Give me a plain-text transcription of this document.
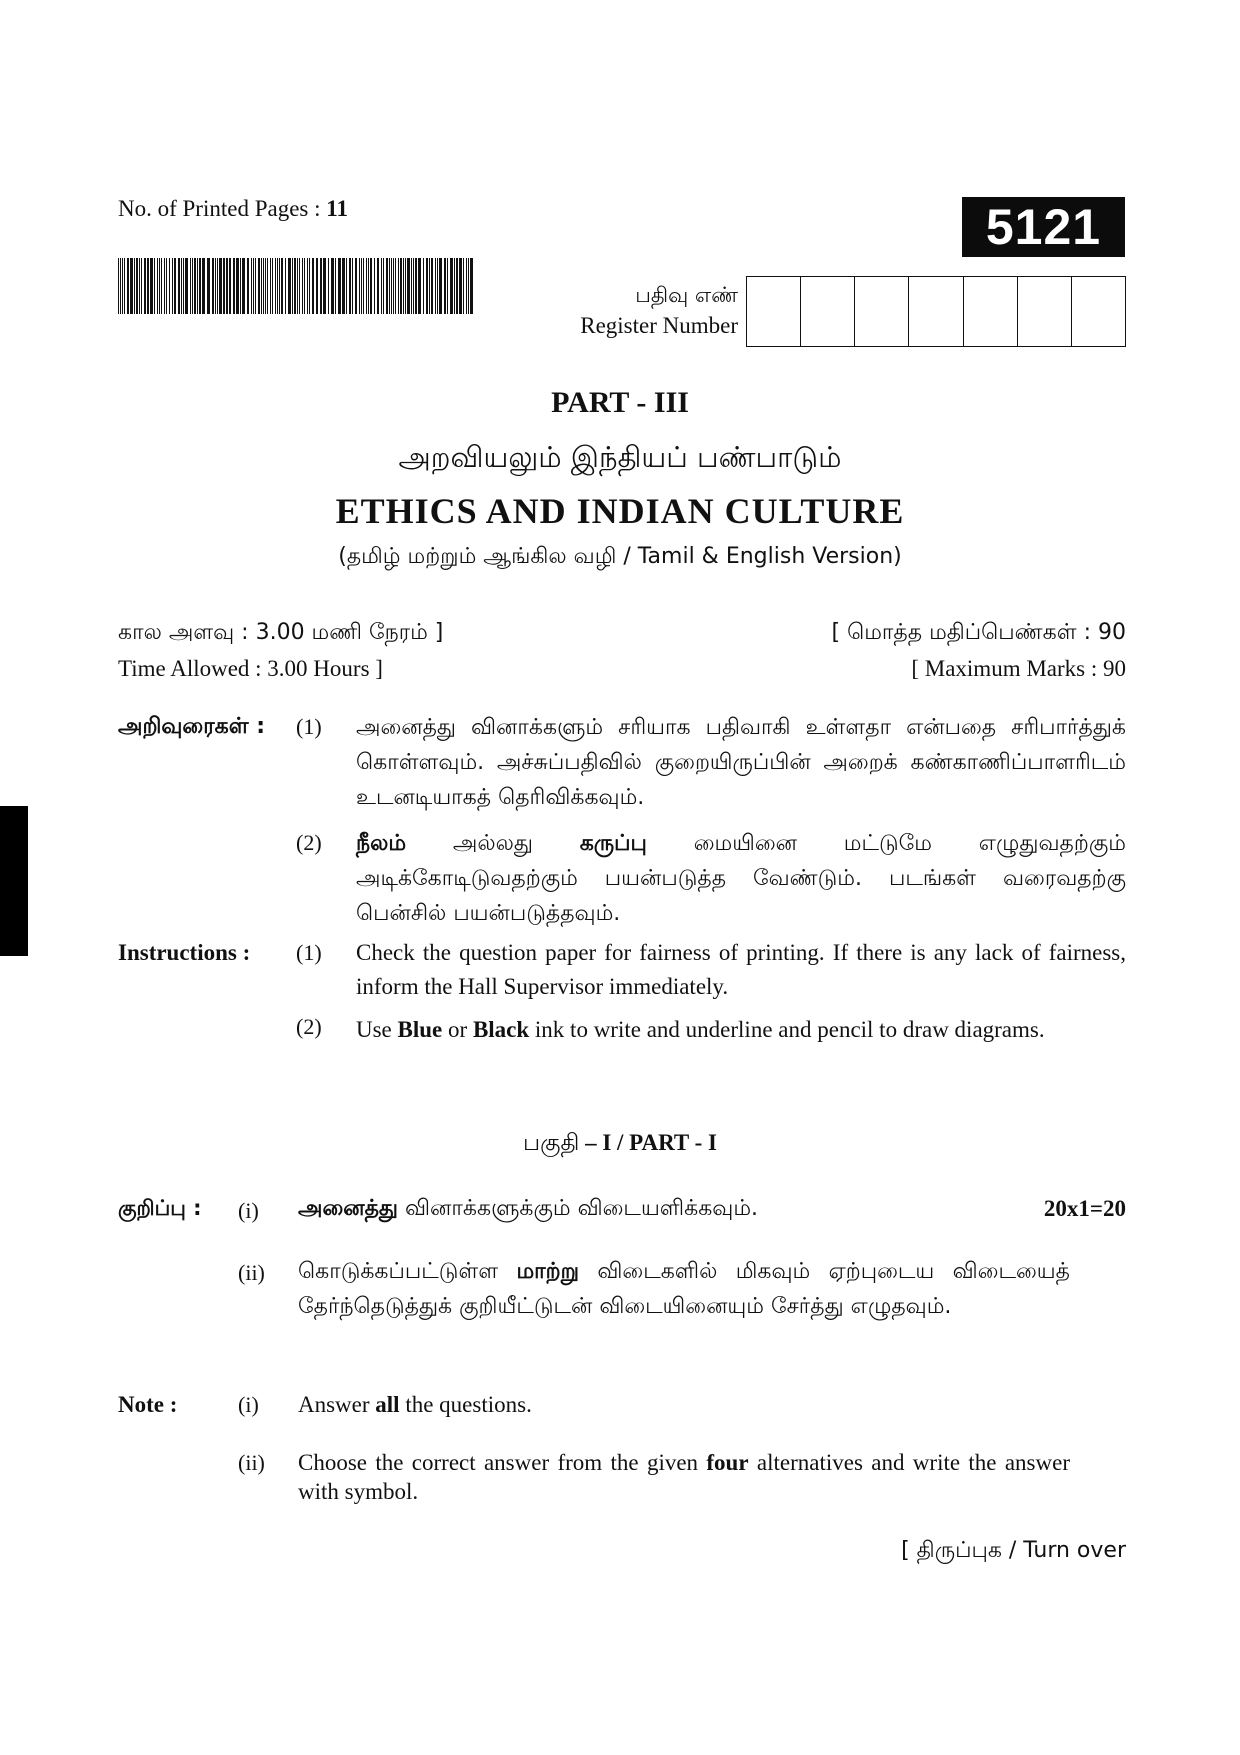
No. of Printed Pages : 11	5121
பதிவு எண்
Register Number
PART - III
அறவியலும் இந்தியப் பண்பாடும்
ETHICS AND INDIAN CULTURE
(தமிழ் மற்றும் ஆங்கில வழி / Tamil & English Version)
கால அளவு : 3.00 மணி நேரம் ]
Time Allowed : 3.00 Hours ]
[ மொத்த மதிப்பெண்கள் : 90
[ Maximum Marks : 90
அறிவுரைகள் : (1) அனைத்து வினாக்களும் சரியாக பதிவாகி உள்ளதா என்பதை சரிபார்த்துக் கொள்ளவும். அச்சுப்பதிவில் குறையிருப்பின் அறைக் கண்காணிப்பாளரிடம் உடனடியாகத் தெரிவிக்கவும்.
(2) நீலம் அல்லது கருப்பு மையினை மட்டுமே எழுதுவதற்கும் அடிக்கோடிடுவதற்கும் பயன்படுத்த வேண்டும். படங்கள் வரைவதற்கு பென்சில் பயன்படுத்தவும்.
Instructions : (1) Check the question paper for fairness of printing. If there is any lack of fairness, inform the Hall Supervisor immediately.
(2) Use Blue or Black ink to write and underline and pencil to draw diagrams.
பகுதி – I / PART - I
குறிப்பு : (i) அனைத்து வினாக்களுக்கும் விடையளிக்கவும்.	20x1=20
(ii) கொடுக்கப்பட்டுள்ள மாற்று விடைகளில் மிகவும் ஏற்புடைய விடையைத் தேர்ந்தெடுத்துக் குறியீட்டுடன் விடையினையும் சேர்த்து எழுதவும்.
Note :	(i) Answer all the questions.
(ii) Choose the correct answer from the given four alternatives and write the answer with symbol.
[ திருப்புக / Turn over
